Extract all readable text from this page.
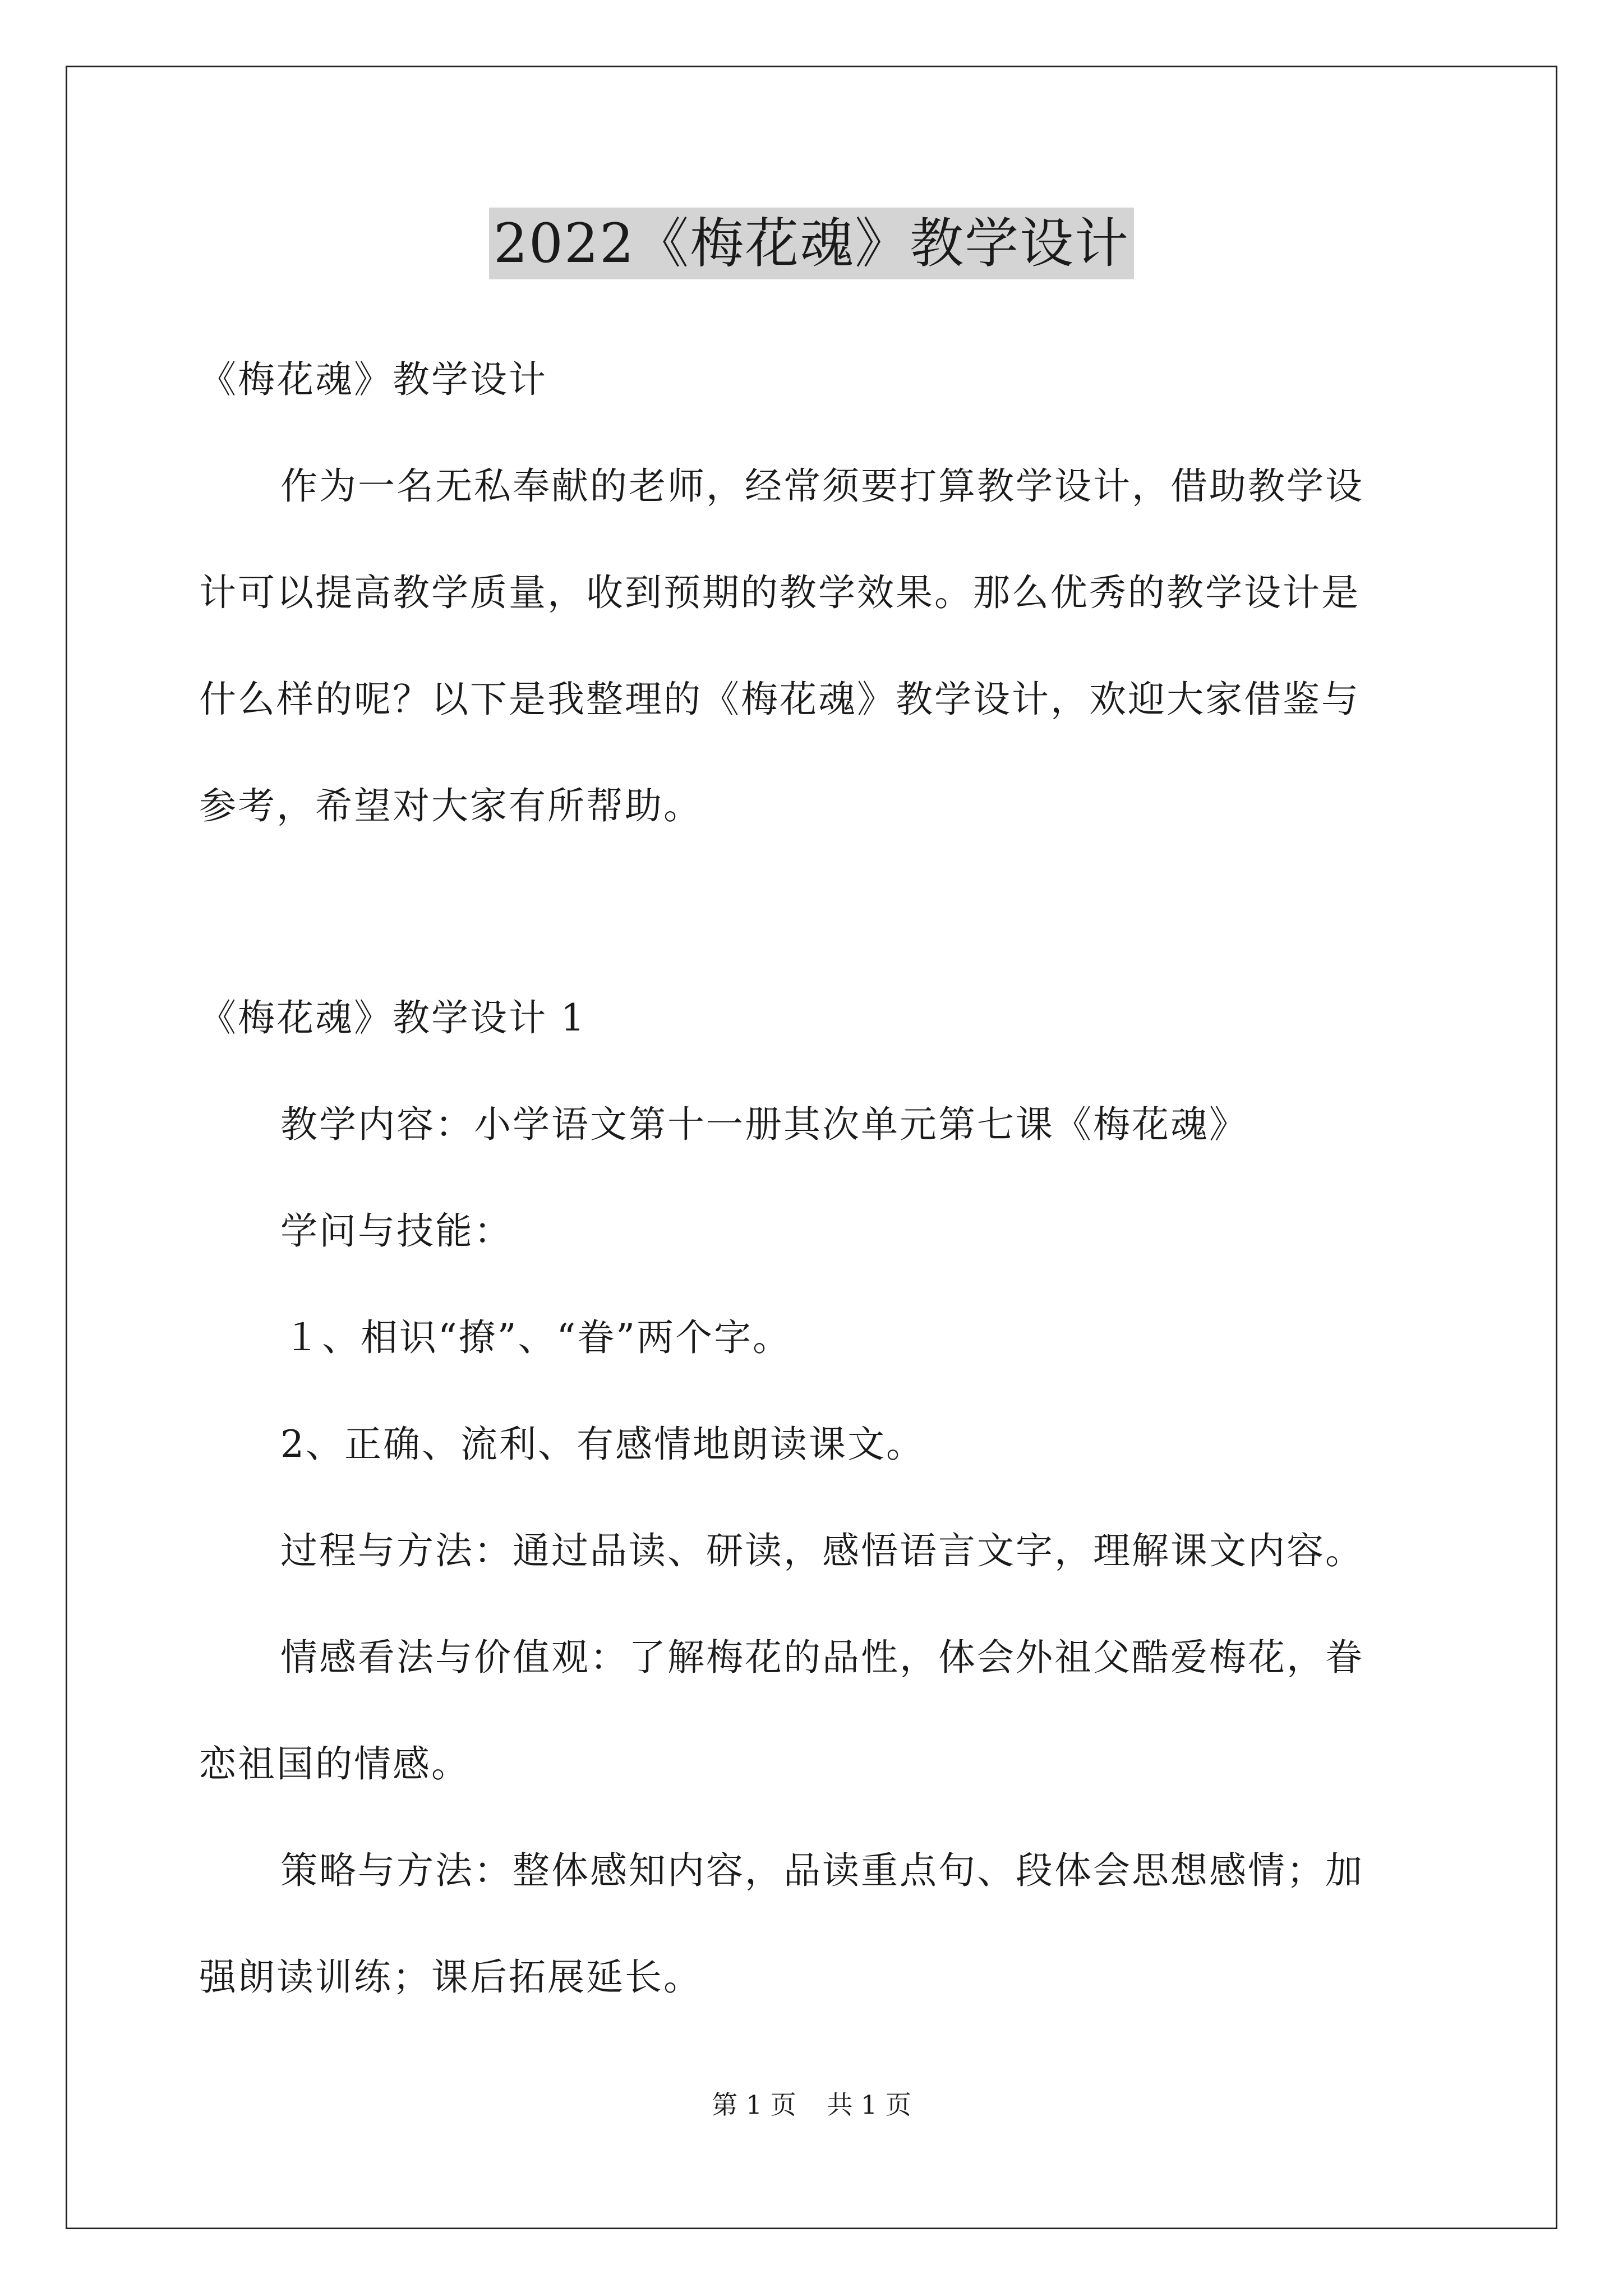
2022《梅花魂》教学设计
《梅花魂》教学设计
作为一名无私奉献的老师，经常须要打算教学设计，借助教学设
计可以提高教学质量，收到预期的教学效果。那么优秀的教学设计是
什么样的呢？以下是我整理的《梅花魂》教学设计，欢迎大家借鉴与
参考，希望对大家有所帮助。
《梅花魂》教学设计 1
教学内容：小学语文第十一册其次单元第七课《梅花魂》
学问与技能：
１、相识“撩”、“眷”两个字。
2、正确、流利、有感情地朗读课文。
过程与方法：通过品读、研读，感悟语言文字，理解课文内容。
情感看法与价值观：了解梅花的品性，体会外祖父酷爱梅花，眷
恋祖国的情感。
策略与方法：整体感知内容，品读重点句、段体会思想感情；加
强朗读训练；课后拓展延长。
第 1 页 共 1 页
